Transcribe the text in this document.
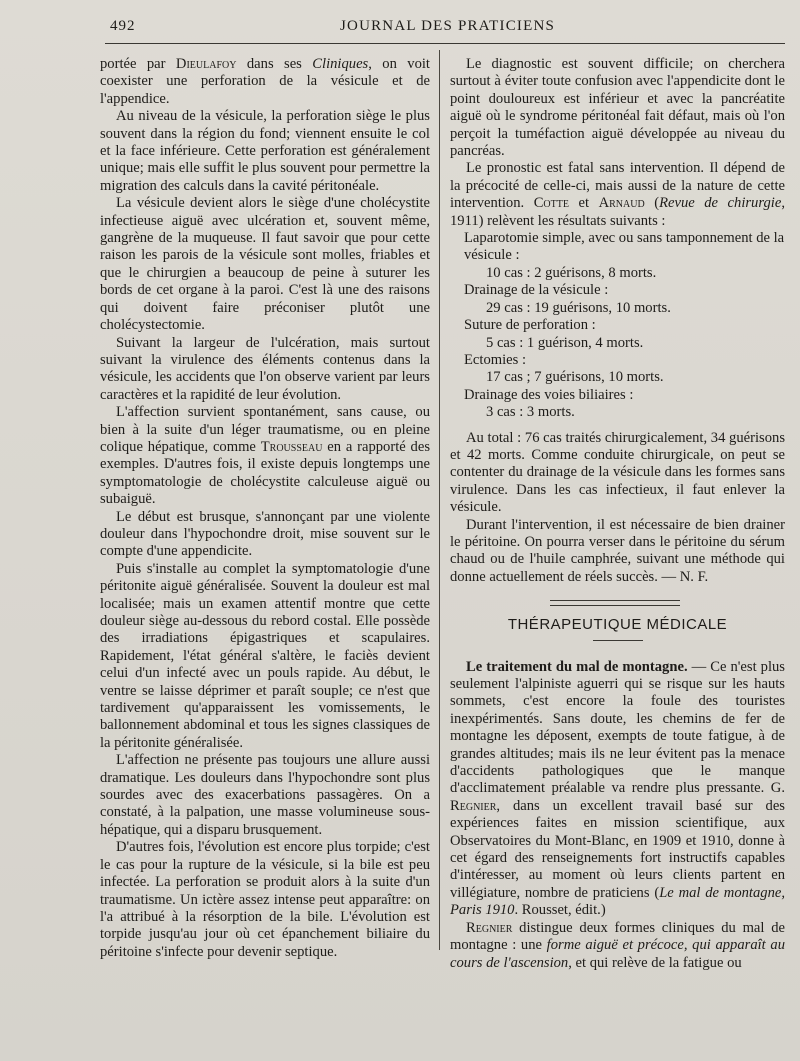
492	JOURNAL DES PRATICIENS

portée par Dieulafoy dans ses Cliniques, on voit coexister une perforation de la vésicule et de l'appendice.

Au niveau de la vésicule, la perforation siège le plus souvent dans la région du fond; viennent ensuite le col et la face inférieure. Cette perforation est généralement unique; mais elle suffit le plus souvent pour permettre la migration des calculs dans la cavité péritonéale.

La vésicule devient alors le siège d'une cholécystite infectieuse aiguë avec ulcération et, souvent même, gangrène de la muqueuse. Il faut savoir que pour cette raison les parois de la vésicule sont molles, friables et que le chirurgien a beaucoup de peine à suturer les bords de cet organe à la paroi. C'est là une des raisons qui doivent faire préconiser plutôt une cholécystectomie.

Suivant la largeur de l'ulcération, mais surtout suivant la virulence des éléments contenus dans la vésicule, les accidents que l'on observe varient par leurs caractères et la rapidité de leur évolution.

L'affection survient spontanément, sans cause, ou bien à la suite d'un léger traumatisme, ou en pleine colique hépatique, comme Trousseau en a rapporté des exemples. D'autres fois, il existe depuis longtemps une symptomatologie de cholécystite calculeuse aiguë ou subaiguë.

Le début est brusque, s'annonçant par une violente douleur dans l'hypochondre droit, mise souvent sur le compte d'une appendicite.

Puis s'installe au complet la symptomatologie d'une péritonite aiguë généralisée. Souvent la douleur est mal localisée; mais un examen attentif montre que cette douleur siège au-dessous du rebord costal. Elle possède des irradiations épigastriques et scapulaires. Rapidement, l'état général s'altère, le faciès devient celui d'un infecté avec un pouls rapide. Au début, le ventre se laisse déprimer et paraît souple; ce n'est que tardivement qu'apparaissent les vomissements, le ballonnement abdominal et tous les signes classiques de la péritonite généralisée.

L'affection ne présente pas toujours une allure aussi dramatique. Les douleurs dans l'hypochondre sont plus sourdes avec des exacerbations passagères. On a constaté, à la palpation, une masse volumineuse sous-hépatique, qui a disparu brusquement.

D'autres fois, l'évolution est encore plus torpide; c'est le cas pour la rupture de la vésicule, si la bile est peu infectée. La perforation se produit alors à la suite d'un traumatisme. Un ictère assez intense peut apparaître: on l'a attribué à la résorption de la bile. L'évolution est torpide jusqu'au jour où cet épanchement biliaire du péritoine s'infecte pour devenir septique.

Le diagnostic est souvent difficile; on cherchera surtout à éviter toute confusion avec l'appendicite dont le point douloureux est inférieur et avec la pancréatite aiguë où le syndrome péritonéal fait défaut, mais où l'on perçoit la tuméfaction aiguë développée au niveau du pancréas.

Le pronostic est fatal sans intervention. Il dépend de la précocité de celle-ci, mais aussi de la nature de cette intervention. Cotte et Arnaud (Revue de chirurgie, 1911) relèvent les résultats suivants :

Laparotomie simple, avec ou sans tamponnement de la vésicule :
10 cas : 2 guérisons, 8 morts.
Drainage de la vésicule :
29 cas : 19 guérisons, 10 morts.
Suture de perforation :
5 cas : 1 guérison, 4 morts.
Ectomies :
17 cas ; 7 guérisons, 10 morts.
Drainage des voies biliaires :
3 cas : 3 morts.

Au total : 76 cas traités chirurgicalement, 34 guérisons et 42 morts. Comme conduite chirurgicale, on peut se contenter du drainage de la vésicule dans les formes sans virulence. Dans les cas infectieux, il faut enlever la vésicule.

Durant l'intervention, il est nécessaire de bien drainer le péritoine. On pourra verser dans le péritoine du sérum chaud ou de l'huile camphrée, suivant une méthode qui donne actuellement de réels succès. — N. F.

THÉRAPEUTIQUE MÉDICALE

Le traitement du mal de montagne. — Ce n'est plus seulement l'alpiniste aguerri qui se risque sur les hauts sommets, c'est encore la foule des touristes inexpérimentés. Sans doute, les chemins de fer de montagne les déposent, exempts de toute fatigue, à de grandes altitudes; mais ils ne leur évitent pas la menace d'accidents pathologiques que le manque d'acclimatement préalable va rendre plus pressante. G. Regnier, dans un excellent travail basé sur des expériences faites en mission scientifique, aux Observatoires du Mont-Blanc, en 1909 et 1910, donne à cet égard des renseignements fort instructifs capables d'intéresser, au moment où leurs clients partent en villégiature, nombre de praticiens (Le mal de montagne, Paris 1910. Rousset, édit.)

Regnier distingue deux formes cliniques du mal de montagne : une forme aiguë et précoce, qui apparaît au cours de l'ascension, et qui relève de la fatigue ou
